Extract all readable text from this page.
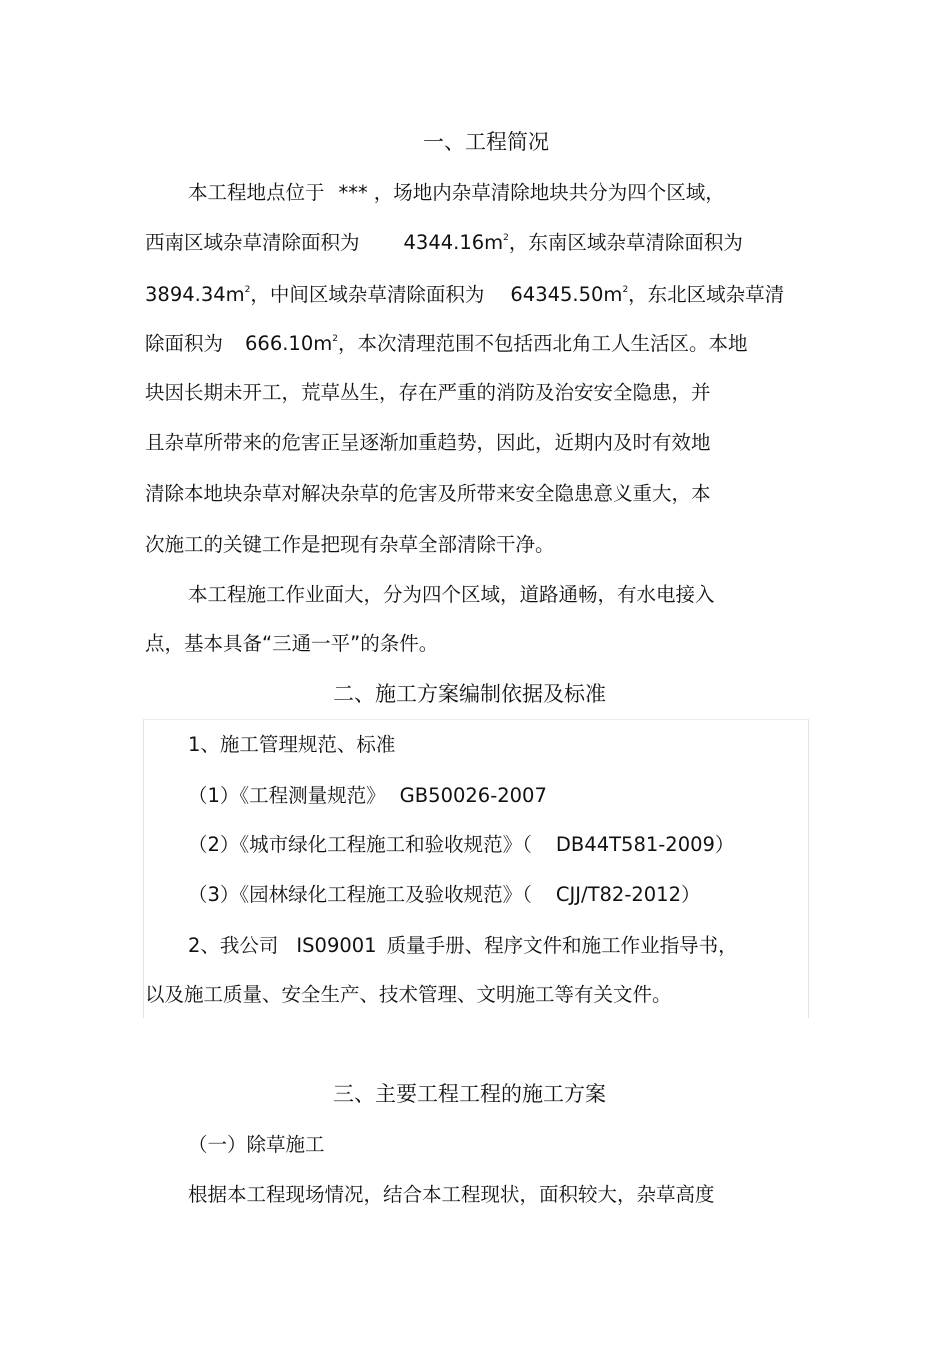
一、工程简况
本工程地点位于 *** ，场地内杂草清除地块共分为四个区域，
西南区域杂草清除面积为 $4344.16m^2$，东南区域杂草清除面积为
$3894.34m^2$，中间区域杂草清除面积为 $64345.50m^2$，东北区域杂草清
除面积为 $666.10m^2$，本次清理范围不包括西北角工人生活区。本地
块因长期未开工，荒草丛生，存在严重的消防及治安安全隐患，并
且杂草所带来的危害正呈逐渐加重趋势，因此，近期内及时有效地
清除本地块杂草对解决杂草的危害及所带来安全隐患意义重大，本
次施工的关键工作是把现有杂草全部清除干净。
本工程施工作业面大，分为四个区域，道路通畅，有水电接入
点，基本具备“三通一平”的条件。
二、施工方案编制依据及标准
1、施工管理规范、标准
（1）《工程测量规范》 GB50026-2007
（2）《城市绿化工程施工和验收规范》（ DB44T581-2009）
（3）《园林绿化工程施工及验收规范》（ CJJ/T82-2012）
2、我公司 IS09001 质量手册、程序文件和施工作业指导书，
以及施工质量、安全生产、技术管理、文明施工等有关文件。
三、主要工程工程的施工方案
（一）除草施工
根据本工程现场情况，结合本工程现状，面积较大，杂草高度
